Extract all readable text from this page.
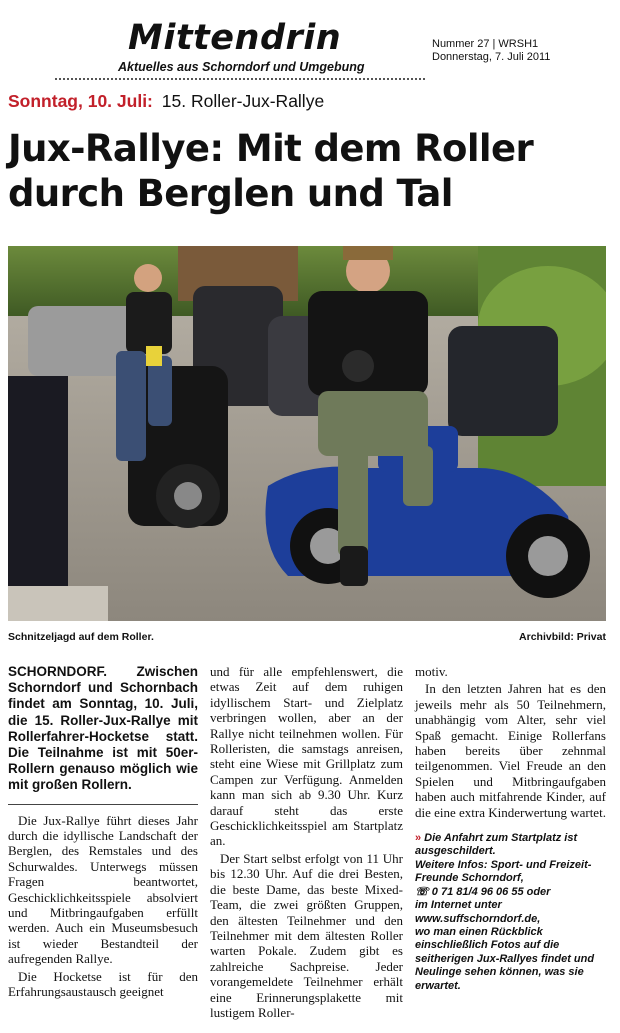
Mittendrin
Aktuelles aus Schorndorf und Umgebung
Nummer 27 | WRSH1
Donnerstag, 7. Juli 2011
Sonntag, 10. Juli: 15. Roller-Jux-Rallye
Jux-Rallye: Mit dem Roller
durch Berglen und Tal
Schnitzeljagd auf dem Roller.	Archivbild: Privat
SCHORNDORF. Zwischen Schorndorf und Schornbach findet am Sonntag, 10. Juli, die 15. Roller-Jux-Rallye mit Rollerfahrer-Hocketse statt. Die Teilnahme ist mit 50er-Rollern genauso möglich wie mit großen Rollern.

Die Jux-Rallye führt dieses Jahr durch die idyllische Landschaft der Berglen, des Remstales und des Schurwaldes. Unterwegs müssen Fragen beantwortet, Geschicklichkeitsspiele absolviert und Mitbringaufgaben erfüllt werden. Auch ein Museumsbesuch ist wieder Bestandteil der aufregenden Rallye.

Die Hocketse ist für den Erfahrungsaustausch geeignet

und für alle empfehlenswert, die etwas Zeit auf dem ruhigen idyllischem Start- und Zielplatz verbringen wollen, aber an der Rallye nicht teilnehmen wollen. Für Rolleristen, die samstags anreisen, steht eine Wiese mit Grillplatz zum Campen zur Verfügung. Anmelden kann man sich ab 9.30 Uhr. Kurz darauf steht das erste Geschicklichkeitsspiel am Startplatz an.

Der Start selbst erfolgt von 11 Uhr bis 12.30 Uhr. Auf die drei Besten, die beste Dame, das beste Mixed-Team, die zwei größten Gruppen, den ältesten Teilnehmer und den Teilnehmer mit dem ältesten Roller warten Pokale. Zudem gibt es zahlreiche Sachpreise. Jeder vorangemeldete Teilnehmer erhält eine Erinnerungsplakette mit lustigem Roller-

motiv.

In den letzten Jahren hat es den jeweils mehr als 50 Teilnehmern, unabhängig vom Alter, sehr viel Spaß gemacht. Einige Rollerfans haben bereits über zehnmal teilgenommen. Viel Freude an den Spielen und Mitbringaufgaben haben auch mitfahrende Kinder, auf die eine extra Kinderwertung wartet.

» Die Anfahrt zum Startplatz ist ausgeschildert.
Weitere Infos: Sport- und Freizeit-Freunde Schorndorf,
☏ 0 71 81/4 96 06 55 oder
im Internet unter
www.suffschorndorf.de,
wo man einen Rückblick einschließlich Fotos auf die seitherigen Jux-Rallyes findet und Neulinge sehen können, was sie erwartet.
